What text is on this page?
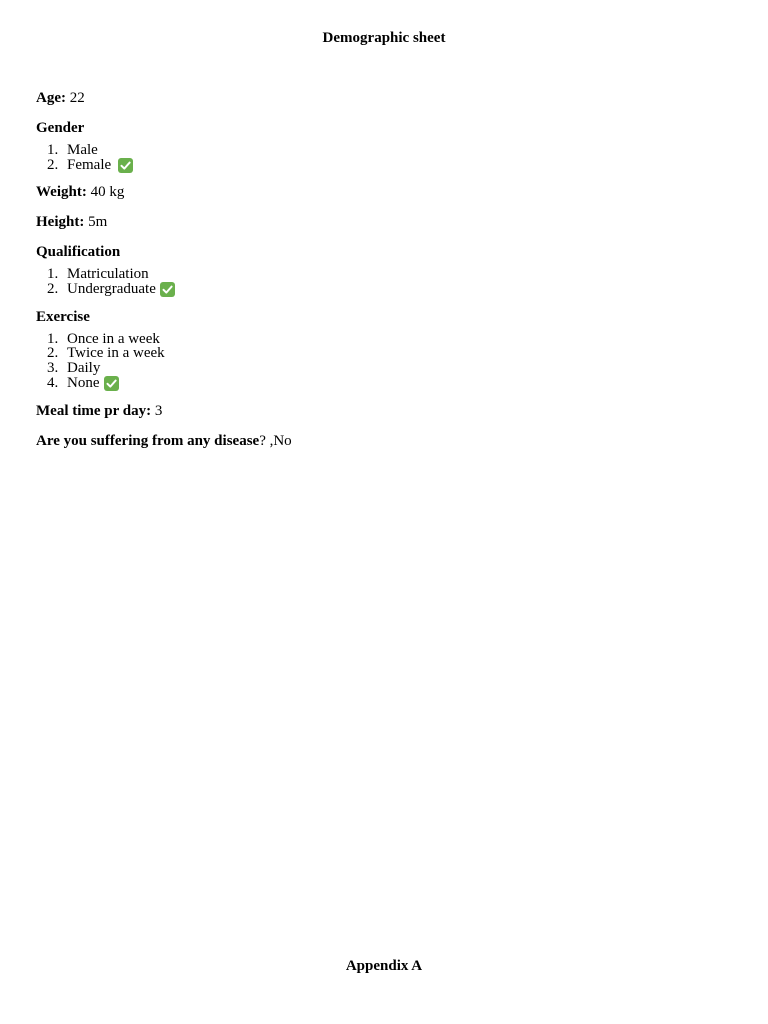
Demographic sheet
Age: 22
Gender
1. Male
2. Female
Weight: 40 kg
Height: 5m
Qualification
1. Matriculation
2. Undergraduate
Exercise
1. Once in a week
2. Twice in a week
3. Daily
4. None
Meal time pr day: 3
Are you suffering from any disease? ,No
Appendix A
